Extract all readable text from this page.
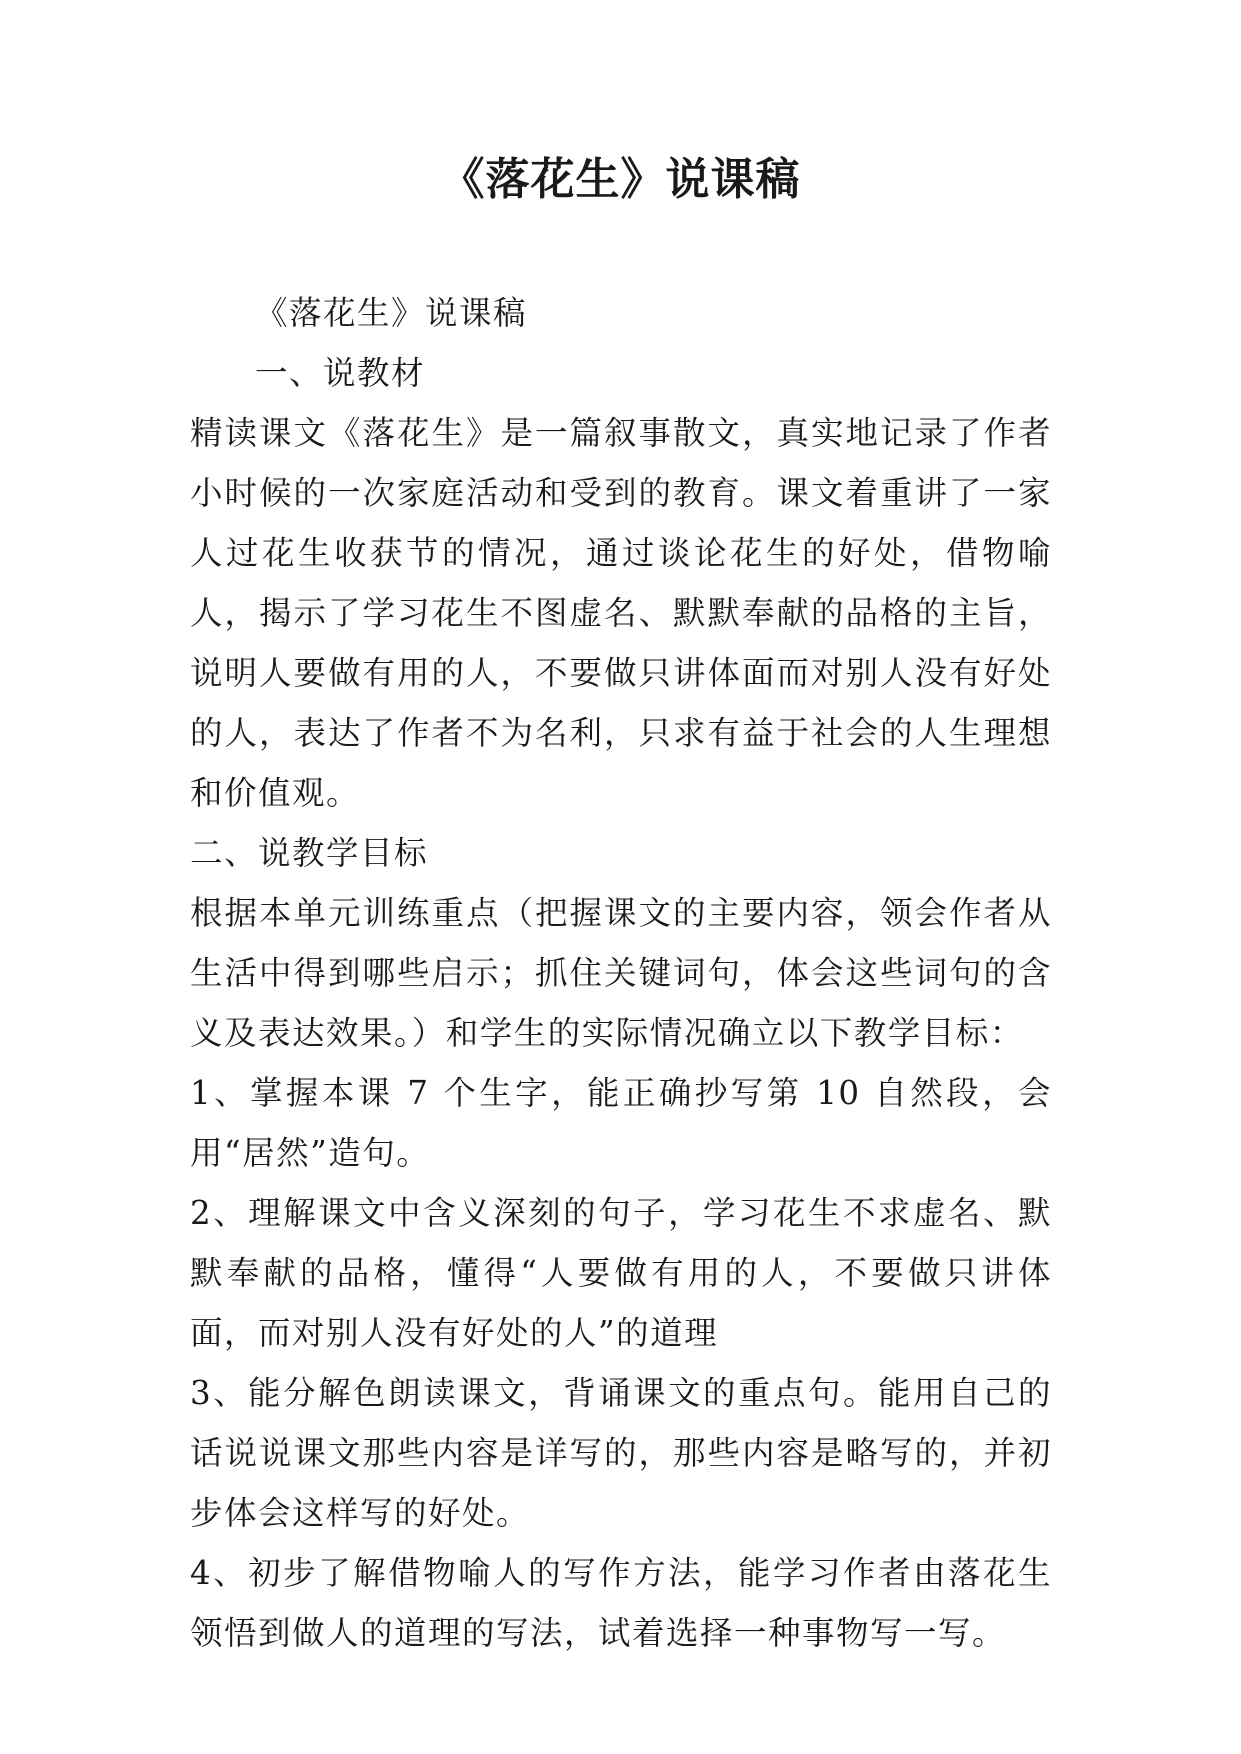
《落花生》说课稿

《落花生》说课稿

一、说教材

精读课文《落花生》是一篇叙事散文，真实地记录了作者小时候的一次家庭活动和受到的教育。课文着重讲了一家人过花生收获节的情况，通过谈论花生的好处，借物喻人，揭示了学习花生不图虚名、默默奉献的品格的主旨，说明人要做有用的人，不要做只讲体面而对别人没有好处的人，表达了作者不为名利，只求有益于社会的人生理想和价值观。

二、说教学目标

根据本单元训练重点（把握课文的主要内容，领会作者从生活中得到哪些启示；抓住关键词句，体会这些词句的含义及表达效果。）和学生的实际情况确立以下教学目标：

1、掌握本课 7 个生字，能正确抄写第 10 自然段，会用“居然”造句。

2、理解课文中含义深刻的句子，学习花生不求虚名、默默奉献的品格，懂得“人要做有用的人，不要做只讲体面，而对别人没有好处的人”的道理

3、能分解色朗读课文，背诵课文的重点句。能用自己的话说说课文那些内容是详写的，那些内容是略写的，并初步体会这样写的好处。

4、初步了解借物喻人的写作方法，能学习作者由落花生领悟到做人的道理的写法，试着选择一种事物写一写。
